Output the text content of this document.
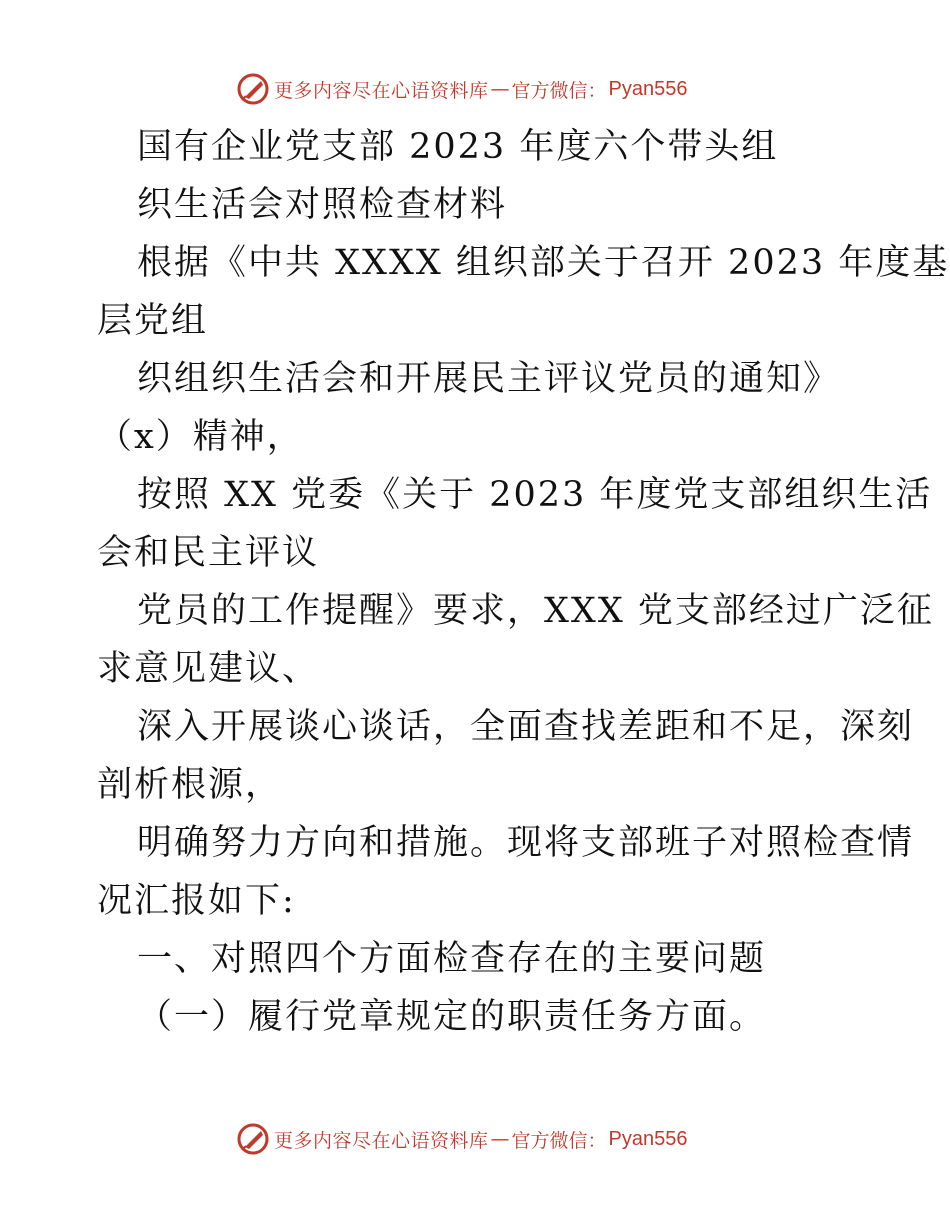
更多内容尽在心语资料库 — 官方微信： Pyan556
国有企业党支部 2023 年度六个带头组
织生活会对照检查材料
根据《中共 XXXX 组织部关于召开 2023 年度基
层党组
织组织生活会和开展民主评议党员的通知》
（x）精神，
按照 XX 党委《关于 2023 年度党支部组织生活
会和民主评议
党员的工作提醒》要求，XXX 党支部经过广泛征
求意见建议、
深入开展谈心谈话，全面查找差距和不足，深刻
剖析根源，
明确努力方向和措施。现将支部班子对照检查情
况汇报如下:
一、对照四个方面检查存在的主要问题
（一）履行党章规定的职责任务方面。
更多内容尽在心语资料库 — 官方微信： Pyan556
